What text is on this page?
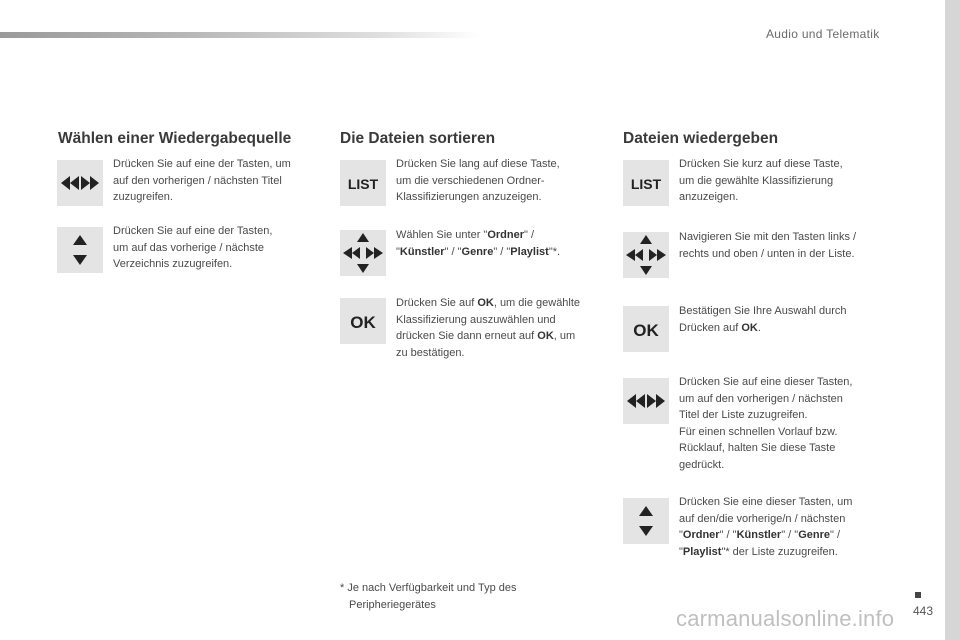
Audio und Telematik
Wählen einer Wiedergabequelle
Drücken Sie auf eine der Tasten, um
auf den vorherigen / nächsten Titel
zuzugreifen.
Drücken Sie auf eine der Tasten,
um auf das vorherige / nächste
Verzeichnis zuzugreifen.
Die Dateien sortieren
LIST
Drücken Sie lang auf diese Taste,
um die verschiedenen Ordner-
Klassifizierungen anzuzeigen.
Wählen Sie unter "Ordner" /
"Künstler" / "Genre" / "Playlist"*.
OK
Drücken Sie auf OK, um die gewählte
Klassifizierung auszuwählen und
drücken Sie dann erneut auf OK, um
zu bestätigen.
Dateien wiedergeben
LIST
Drücken Sie kurz auf diese Taste,
um die gewählte Klassifizierung
anzuzeigen.
Navigieren Sie mit den Tasten links /
rechts und oben / unten in der Liste.
OK
Bestätigen Sie Ihre Auswahl durch
Drücken auf OK.
Drücken Sie auf eine dieser Tasten,
um auf den vorherigen / nächsten
Titel der Liste zuzugreifen.
Für einen schnellen Vorlauf bzw.
Rücklauf, halten Sie diese Taste
gedrückt.
Drücken Sie eine dieser Tasten, um
auf den/die vorherige/n / nächsten
"Ordner" / "Künstler" / "Genre" /
"Playlist"* der Liste zuzugreifen.
* Je nach Verfügbarkeit und Typ des
Peripheriegerätes
carmanualsonline.info 443
